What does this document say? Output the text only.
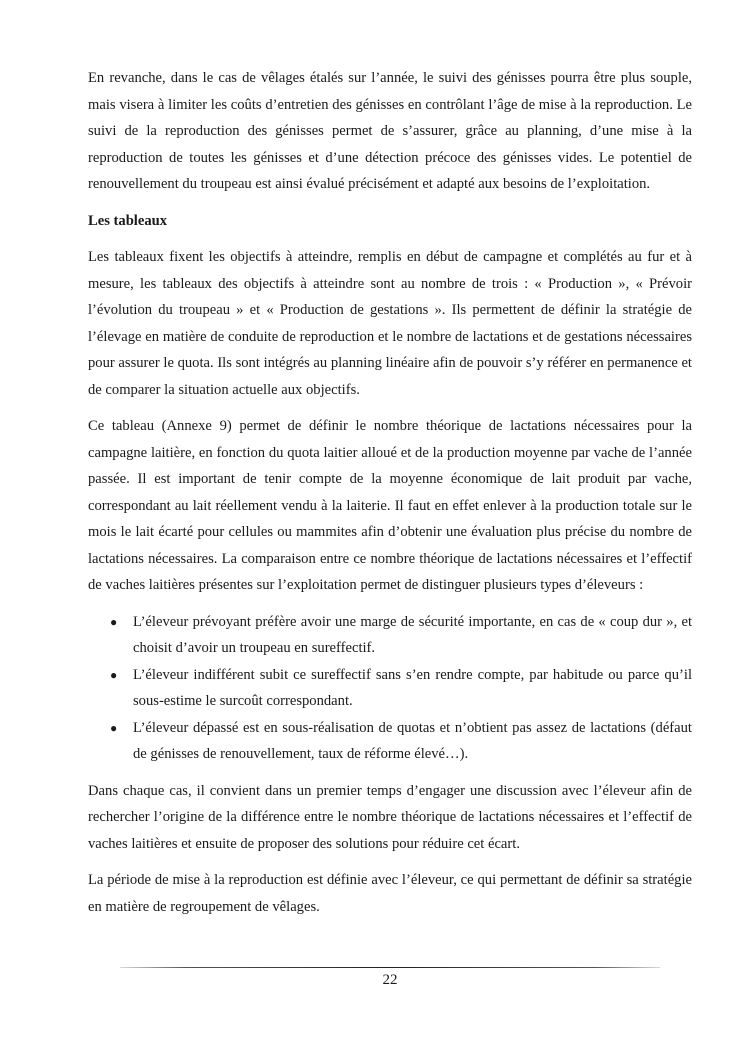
En revanche, dans le cas de vêlages étalés sur l’année, le suivi des génisses pourra être plus souple, mais visera à limiter les coûts d’entretien des génisses en contrôlant l’âge de mise à la reproduction. Le suivi de la reproduction des génisses permet de s’assurer, grâce au planning, d’une mise à la reproduction de toutes les génisses et d’une détection précoce des génisses vides. Le potentiel de renouvellement du troupeau est ainsi évalué précisément et adapté aux besoins de l’exploitation.

Les tableaux

Les tableaux fixent les objectifs à atteindre, remplis en début de campagne et complétés au fur et à mesure, les tableaux des objectifs à atteindre sont au nombre de trois : « Production », « Prévoir l’évolution du troupeau » et « Production de gestations ». Ils permettent de définir la stratégie de l’élevage en matière de conduite de reproduction et le nombre de lactations et de gestations nécessaires pour assurer le quota. Ils sont intégrés au planning linéaire afin de pouvoir s’y référer en permanence et de comparer la situation actuelle aux objectifs.

Ce tableau (Annexe 9) permet de définir le nombre théorique de lactations nécessaires pour la campagne laitière, en fonction du quota laitier alloué et de la production moyenne par vache de l’année passée. Il est important de tenir compte de la moyenne économique de lait produit par vache, correspondant au lait réellement vendu à la laiterie. Il faut en effet enlever à la production totale sur le mois le lait écarté pour cellules ou mammites afin d’obtenir une évaluation plus précise du nombre de lactations nécessaires. La comparaison entre ce nombre théorique de lactations nécessaires et l’effectif de vaches laitières présentes sur l’exploitation permet de distinguer plusieurs types d’éleveurs :

● L’éleveur prévoyant préfère avoir une marge de sécurité importante, en cas de « coup dur », et choisit d’avoir un troupeau en sureffectif.
● L’éleveur indifférent subit ce sureffectif sans s’en rendre compte, par habitude ou parce qu’il sous-estime le surcoût correspondant.
● L’éleveur dépassé est en sous-réalisation de quotas et n’obtient pas assez de lactations (défaut de génisses de renouvellement, taux de réforme élevé…).

Dans chaque cas, il convient dans un premier temps d’engager une discussion avec l’éleveur afin de rechercher l’origine de la différence entre le nombre théorique de lactations nécessaires et l’effectif de vaches laitières et ensuite de proposer des solutions pour réduire cet écart.

La période de mise à la reproduction est définie avec l’éleveur, ce qui permettant de définir sa stratégie en matière de regroupement de vêlages.

22
